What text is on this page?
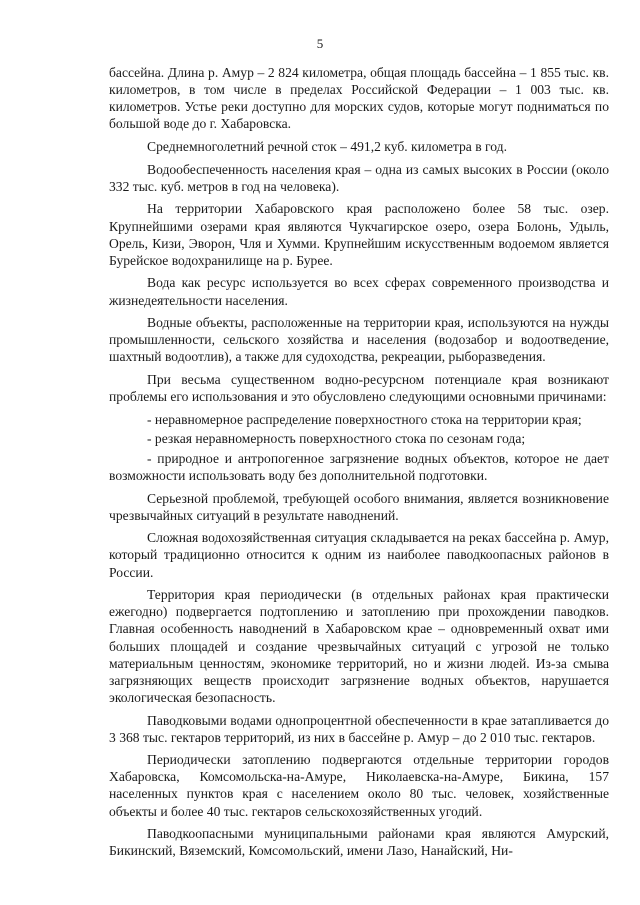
5

бассейна. Длина р. Амур – 2 824 километра, общая площадь бассейна – 1 855 тыс. кв. километров, в том числе в пределах Российской Федерации – 1 003 тыс. кв. километров. Устье реки доступно для морских судов, которые могут подниматься по большой воде до г. Хабаровска.

Среднемноголетний речной сток – 491,2 куб. километра в год.

Водообеспеченность населения края – одна из самых высоких в России (около 332 тыс. куб. метров в год на человека).

На территории Хабаровского края расположено более 58 тыс. озер. Крупнейшими озерами края являются Чукчагирское озеро, озера Болонь, Удыль, Орель, Кизи, Эворон, Чля и Хумми. Крупнейшим искусственным водоемом является Бурейское водохранилище на р. Бурее.

Вода как ресурс используется во всех сферах современного производства и жизнедеятельности населения.

Водные объекты, расположенные на территории края, используются на нужды промышленности, сельского хозяйства и населения (водозабор и водоотведение, шахтный водоотлив), а также для судоходства, рекреации, рыборазведения.

При весьма существенном водно-ресурсном потенциале края возникают проблемы его использования и это обусловлено следующими основными причинами:

- неравномерное распределение поверхностного стока на территории края;

- резкая неравномерность поверхностного стока по сезонам года;

- природное и антропогенное загрязнение водных объектов, которое не дает возможности использовать воду без дополнительной подготовки.

Серьезной проблемой, требующей особого внимания, является возникновение чрезвычайных ситуаций в результате наводнений.

Сложная водохозяйственная ситуация складывается на реках бассейна р. Амур, который традиционно относится к одним из наиболее паводкоопасных районов в России.

Территория края периодически (в отдельных районах края практически ежегодно) подвергается подтоплению и затоплению при прохождении паводков. Главная особенность наводнений в Хабаровском крае – одновременный охват ими больших площадей и создание чрезвычайных ситуаций с угрозой не только материальным ценностям, экономике территорий, но и жизни людей. Из-за смыва загрязняющих веществ происходит загрязнение водных объектов, нарушается экологическая безопасность.

Паводковыми водами однопроцентной обеспеченности в крае затапливается до 3 368 тыс. гектаров территорий, из них в бассейне р. Амур – до 2 010 тыс. гектаров.

Периодически затоплению подвергаются отдельные территории городов Хабаровска, Комсомольска-на-Амуре, Николаевска-на-Амуре, Бикина, 157 населенных пунктов края с населением около 80 тыс. человек, хозяйственные объекты и более 40 тыс. гектаров сельскохозяйственных угодий.

Паводкоопасными муниципальными районами края являются Амурский, Бикинский, Вяземский, Комсомольский, имени Лазо, Нанайский, Ни-
